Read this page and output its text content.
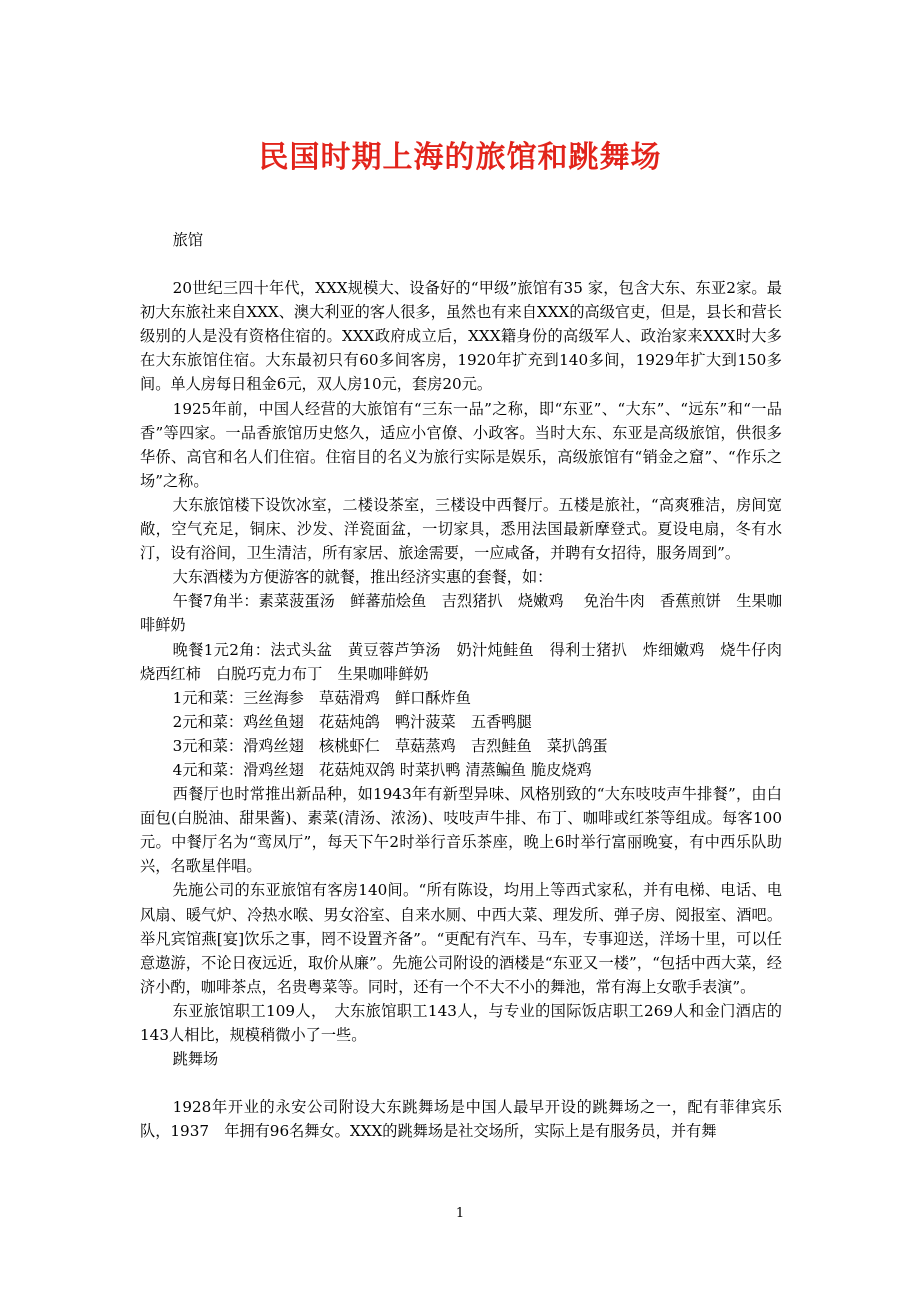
民国时期上海的旅馆和跳舞场

旅馆

20世纪三四十年代，XXX规模大、设备好的“甲级”旅馆有35 家，包含大东、东亚2家。最初大东旅社来自XXX、澳大利亚的客人很多，虽然也有来自XXX的高级官吏，但是，县长和营长级别的人是没有资格住宿的。XXX政府成立后，XXX籍身份的高级军人、政治家来XXX时大多在大东旅馆住宿。大东最初只有60多间客房，1920年扩充到140多间，1929年扩大到150多间。单人房每日租金6元，双人房10元，套房20元。

1925年前，中国人经营的大旅馆有“三东一品”之称，即“东亚”、“大东”、“远东”和“一品香”等四家。一品香旅馆历史悠久，适应小官僚、小政客。当时大东、东亚是高级旅馆，供很多华侨、高官和名人们住宿。住宿目的名义为旅行实际是娱乐，高级旅馆有“销金之窟”、“作乐之场”之称。

大东旅馆楼下设饮冰室，二楼设茶室，三楼设中西餐厅。五楼是旅社，“高爽雅洁，房间宽敞，空气充足，铜床、沙发、洋瓷面盆，一切家具，悉用法国最新摩登式。夏设电扇，冬有水汀，设有浴间，卫生清洁，所有家居、旅途需要，一应咸备，并聘有女招待，服务周到”。

大东酒楼为方便游客的就餐，推出经济实惠的套餐，如：

午餐7角半：素菜菠蛋汤　鲜蕃茄烩鱼　吉烈猪扒　烧嫩鸡　 免治牛肉　香蕉煎饼　生果咖啡鲜奶

晚餐1元2角：法式头盆　黄豆蓉芦笋汤　奶汁炖鲑鱼　得利士猪扒　炸细嫩鸡　烧牛仔肉　烧西红柿　白脱巧克力布丁　生果咖啡鲜奶

1元和菜：三丝海参　草菇滑鸡　鲜口酥炸鱼

2元和菜：鸡丝鱼翅　花菇炖鸽　鸭汁菠菜　五香鸭腿

3元和菜：滑鸡丝翅　核桃虾仁　草菇蒸鸡　吉烈鲑鱼　菜扒鸽蛋

4元和菜：滑鸡丝翅　花菇炖双鸽 时菜扒鸭 清蒸鳊鱼 脆皮烧鸡

西餐厅也时常推出新品种，如1943年有新型异味、风格别致的“大东吱吱声牛排餐”，由白面包(白脱油、甜果酱)、素菜(清汤、浓汤)、吱吱声牛排、布丁、咖啡或红茶等组成。每客100元。中餐厅名为“鸾凤厅”，每天下午2时举行音乐茶座，晚上6时举行富丽晚宴，有中西乐队助兴，名歌星伴唱。

先施公司的东亚旅馆有客房140间。“所有陈设，均用上等西式家私，并有电梯、电话、电风扇、暖气炉、冷热水喉、男女浴室、自来水厕、中西大菜、理发所、弹子房、阅报室、酒吧。举凡宾馆燕[宴]饮乐之事，罔不设置齐备”。“更配有汽车、马车，专事迎送，洋场十里，可以任意遨游，不论日夜远近，取价从廉”。先施公司附设的酒楼是“东亚又一楼”，“包括中西大菜，经济小酌，咖啡茶点，名贵粤菜等。同时，还有一个不大不小的舞池，常有海上女歌手表演”。

东亚旅馆职工109人，　大东旅馆职工143人，与专业的国际饭店职工269人和金门酒店的143人相比，规模稍微小了一些。

跳舞场

1928年开业的永安公司附设大东跳舞场是中国人最早开设的跳舞场之一，配有菲律宾乐队，1937　年拥有96名舞女。XXX的跳舞场是社交场所，实际上是有服务员，并有舞

1
